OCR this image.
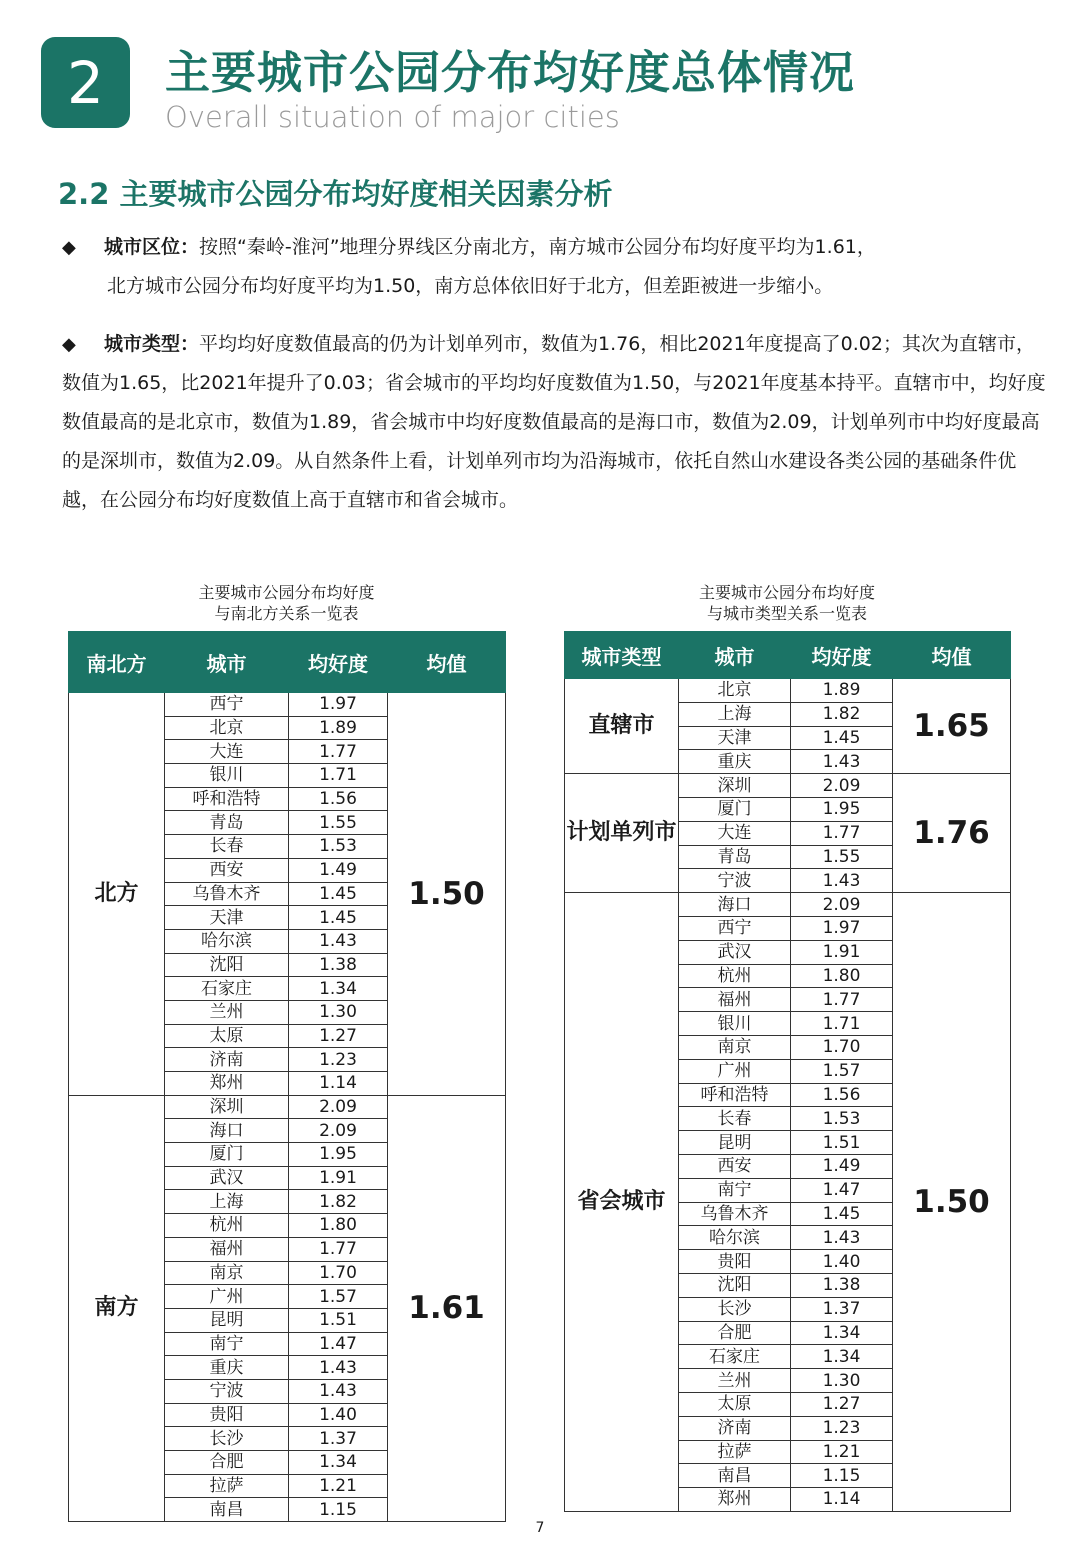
2	主要城市公园分布均好度总体情况
Overall situation of major cities
2.2 主要城市公园分布均好度相关因素分析
◆ 城市区位：按照“秦岭-淮河”地理分界线区分南北方，南方城市公园分布均好度平均为1.61，
北方城市公园分布均好度平均为1.50，南方总体依旧好于北方，但差距被进一步缩小。
◆ 城市类型：平均均好度数值最高的仍为计划单列市，数值为1.76，相比2021年度提高了0.02；其次为直辖市，数值为1.65，比2021年提升了0.03；省会城市的平均均好度数值为1.50，与2021年度基本持平。直辖市中，均好度数值最高的是北京市，数值为1.89，省会城市中均好度数值最高的是海口市，数值为2.09，计划单列市中均好度最高的是深圳市，数值为2.09。从自然条件上看，计划单列市均为沿海城市，依托自然山水建设各类公园的基础条件优越，在公园分布均好度数值上高于直辖市和省会城市。
主要城市公园分布均好度
与南北方关系一览表
主要城市公园分布均好度
与城市类型关系一览表
南北方	城市	均好度	均值
北方	西宁	1.97	1.50
	北京	1.89	
	大连	1.77	
	银川	1.71	
	呼和浩特	1.56	
	青岛	1.55	
	长春	1.53	
	西安	1.49	
	乌鲁木齐	1.45	
	天津	1.45	
	哈尔滨	1.43	
	沈阳	1.38	
	石家庄	1.34	
	兰州	1.30	
	太原	1.27	
	济南	1.23	
	郑州	1.14	
南方	深圳	2.09	1.61
	海口	2.09	
	厦门	1.95	
	武汉	1.91	
	上海	1.82	
	杭州	1.80	
	福州	1.77	
	南京	1.70	
	广州	1.57	
	昆明	1.51	
	南宁	1.47	
	重庆	1.43	
	宁波	1.43	
	贵阳	1.40	
	长沙	1.37	
	合肥	1.34	
	拉萨	1.21	
	南昌	1.15	
城市类型	城市	均好度	均值
直辖市	北京	1.89	1.65
	上海	1.82	
	天津	1.45	
	重庆	1.43	
计划单列市	深圳	2.09	1.76
	厦门	1.95	
	大连	1.77	
	青岛	1.55	
	宁波	1.43	
省会城市	海口	2.09	1.50
	西宁	1.97	
	武汉	1.91	
	杭州	1.80	
	福州	1.77	
	银川	1.71	
	南京	1.70	
	广州	1.57	
	呼和浩特	1.56	
	长春	1.53	
	昆明	1.51	
	西安	1.49	
	南宁	1.47	
	乌鲁木齐	1.45	
	哈尔滨	1.43	
	贵阳	1.40	
	沈阳	1.38	
	长沙	1.37	
	合肥	1.34	
	石家庄	1.34	
	兰州	1.30	
	太原	1.27	
	济南	1.23	
	拉萨	1.21	
	南昌	1.15	
	郑州	1.14	
7
